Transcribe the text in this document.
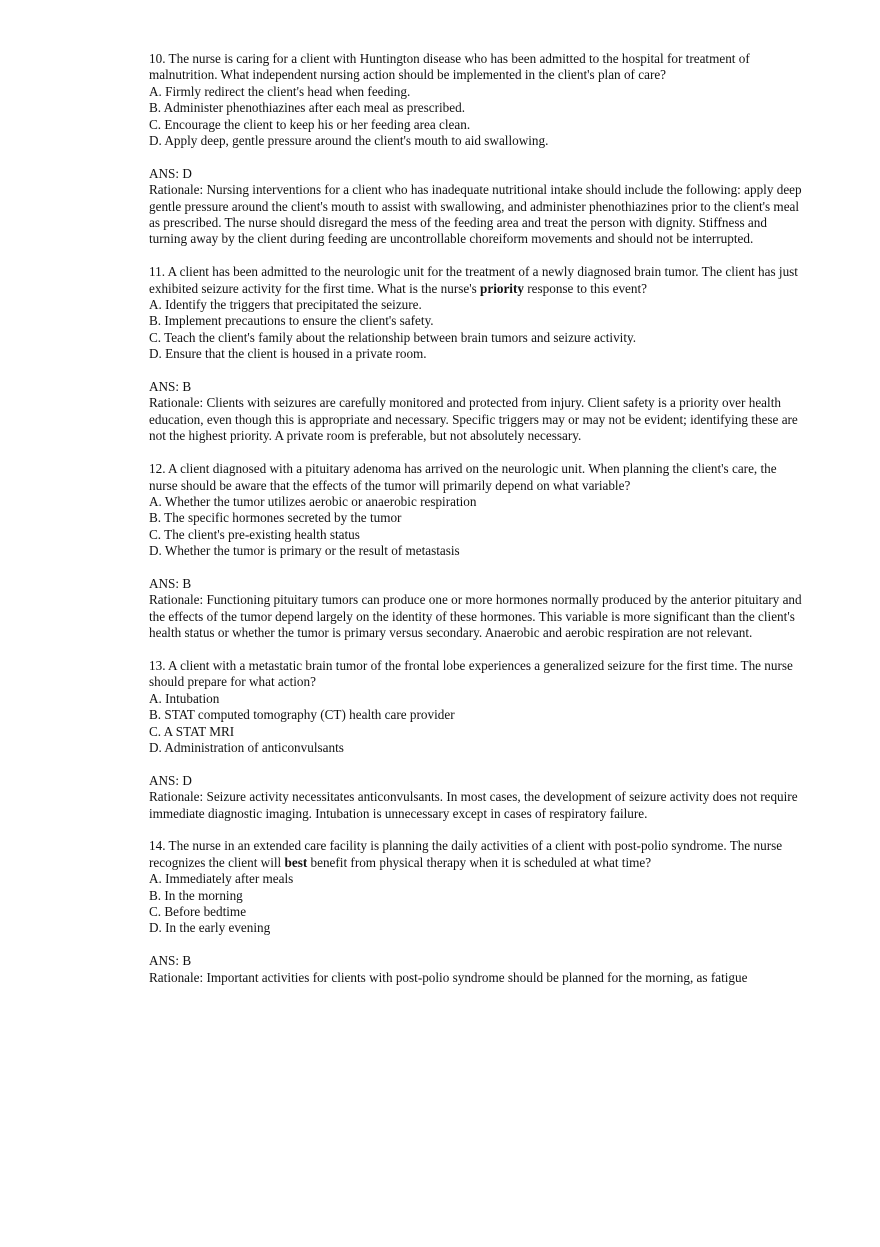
10. The nurse is caring for a client with Huntington disease who has been admitted to the hospital for treatment of malnutrition. What independent nursing action should be implemented in the client's plan of care?

A. Firmly redirect the client's head when feeding.
B. Administer phenothiazines after each meal as prescribed.
C. Encourage the client to keep his or her feeding area clean.
D. Apply deep, gentle pressure around the client's mouth to aid swallowing.

ANS: D

Rationale: Nursing interventions for a client who has inadequate nutritional intake should include the following: apply deep gentle pressure around the client's mouth to assist with swallowing, and administer phenothiazines prior to the client's meal as prescribed. The nurse should disregard the mess of the feeding area and treat the person with dignity. Stiffness and turning away by the client during feeding are uncontrollable choreiform movements and should not be interrupted.

11. A client has been admitted to the neurologic unit for the treatment of a newly diagnosed brain tumor. The client has just exhibited seizure activity for the first time. What is the nurse's priority response to this event?

A. Identify the triggers that precipitated the seizure.
B. Implement precautions to ensure the client's safety.
C. Teach the client's family about the relationship between brain tumors and seizure activity.
D. Ensure that the client is housed in a private room.

ANS: B

Rationale: Clients with seizures are carefully monitored and protected from injury. Client safety is a priority over health education, even though this is appropriate and necessary. Specific triggers may or may not be evident; identifying these are not the highest priority. A private room is preferable, but not absolutely necessary.

12. A client diagnosed with a pituitary adenoma has arrived on the neurologic unit. When planning the client's care, the nurse should be aware that the effects of the tumor will primarily depend on what variable?

A. Whether the tumor utilizes aerobic or anaerobic respiration
B. The specific hormones secreted by the tumor
C. The client's pre-existing health status
D. Whether the tumor is primary or the result of metastasis

ANS: B

Rationale: Functioning pituitary tumors can produce one or more hormones normally produced by the anterior pituitary and the effects of the tumor depend largely on the identity of these hormones. This variable is more significant than the client's health status or whether the tumor is primary versus secondary. Anaerobic and aerobic respiration are not relevant.

13. A client with a metastatic brain tumor of the frontal lobe experiences a generalized seizure for the first time. The nurse should prepare for what action?

A. Intubation
B. STAT computed tomography (CT) health care provider
C. A STAT MRI
D. Administration of anticonvulsants

ANS: D

Rationale: Seizure activity necessitates anticonvulsants. In most cases, the development of seizure activity does not require immediate diagnostic imaging. Intubation is unnecessary except in cases of respiratory failure.

14. The nurse in an extended care facility is planning the daily activities of a client with post-polio syndrome. The nurse recognizes the client will best benefit from physical therapy when it is scheduled at what time?

A. Immediately after meals
B. In the morning
C. Before bedtime
D. In the early evening

ANS: B

Rationale: Important activities for clients with post-polio syndrome should be planned for the morning, as fatigue
